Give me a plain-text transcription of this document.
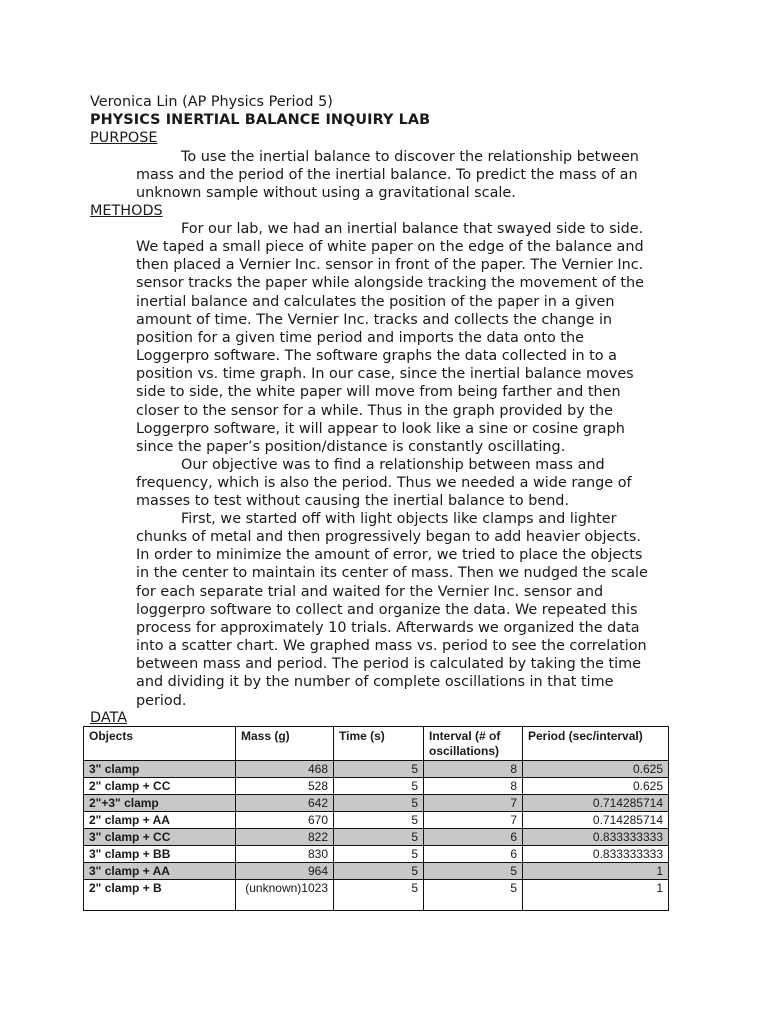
Veronica Lin (AP Physics Period 5)
PHYSICS INERTIAL BALANCE INQUIRY LAB
PURPOSE
To use the inertial balance to discover the relationship between
mass and the period of the inertial balance. To predict the mass of an
unknown sample without using a gravitational scale.
METHODS
For our lab, we had an inertial balance that swayed side to side.
We taped a small piece of white paper on the edge of the balance and
then placed a Vernier Inc. sensor in front of the paper. The Vernier Inc.
sensor tracks the paper while alongside tracking the movement of the
inertial balance and calculates the position of the paper in a given
amount of time. The Vernier Inc. tracks and collects the change in
position for a given time period and imports the data onto the
Loggerpro software. The software graphs the data collected in to a
position vs. time graph. In our case, since the inertial balance moves
side to side, the white paper will move from being farther and then
closer to the sensor for a while. Thus in the graph provided by the
Loggerpro software, it will appear to look like a sine or cosine graph
since the paper’s position/distance is constantly oscillating.
Our objective was to find a relationship between mass and
frequency, which is also the period. Thus we needed a wide range of
masses to test without causing the inertial balance to bend.
First, we started off with light objects like clamps and lighter
chunks of metal and then progressively began to add heavier objects.
In order to minimize the amount of error, we tried to place the objects
in the center to maintain its center of mass. Then we nudged the scale
for each separate trial and waited for the Vernier Inc. sensor and
loggerpro software to collect and organize the data. We repeated this
process for approximately 10 trials. Afterwards we organized the data
into a scatter chart. We graphed mass vs. period to see the correlation
between mass and period. The period is calculated by taking the time
and dividing it by the number of complete oscillations in that time
period.
DATA
Objects	Mass (g)	Time (s)	Interval (# of oscillations)	Period (sec/interval)
3" clamp	468	5	8	0.625
2" clamp + CC	528	5	8	0.625
2"+3" clamp	642	5	7	0.714285714
2" clamp + AA	670	5	7	0.714285714
3" clamp + CC	822	5	6	0.833333333
3" clamp + BB	830	5	6	0.833333333
3" clamp + AA	964	5	5	1
2" clamp + B	(unknown)1023	5	5	1
